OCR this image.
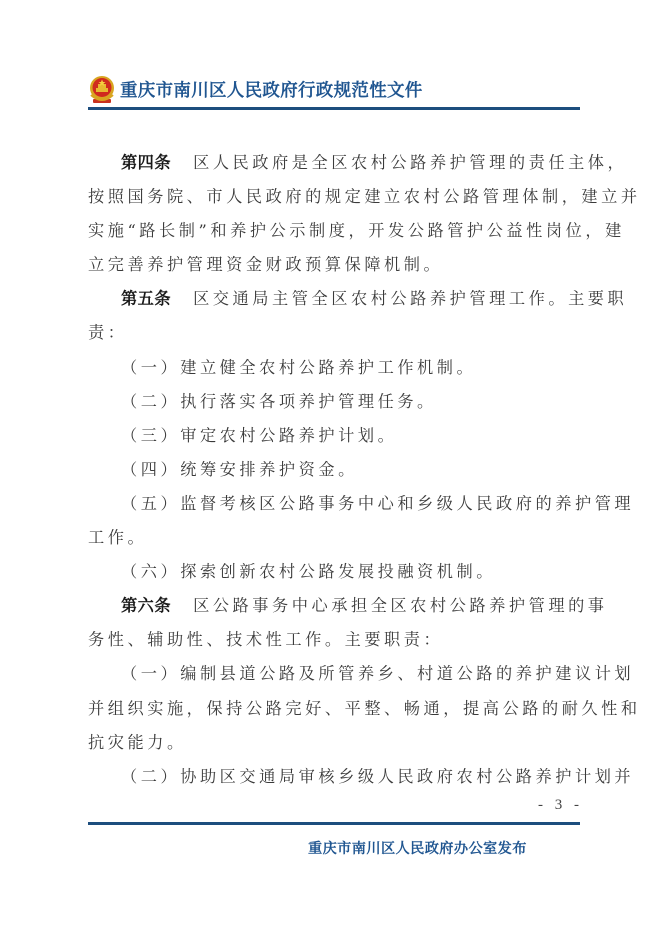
重庆市南川区人民政府行政规范性文件
第四条 区人民政府是全区农村公路养护管理的责任主体，
按照国务院、市人民政府的规定建立农村公路管理体制，建立并
实施“路长制”和养护公示制度，开发公路管护公益性岗位，建
立完善养护管理资金财政预算保障机制。
第五条 区交通局主管全区农村公路养护管理工作。主要职
责：
（一）建立健全农村公路养护工作机制。
（二）执行落实各项养护管理任务。
（三）审定农村公路养护计划。
（四）统筹安排养护资金。
（五）监督考核区公路事务中心和乡级人民政府的养护管理
工作。
（六）探索创新农村公路发展投融资机制。
第六条 区公路事务中心承担全区农村公路养护管理的事
务性、辅助性、技术性工作。主要职责：
（一）编制县道公路及所管养乡、村道公路的养护建议计划
并组织实施，保持公路完好、平整、畅通，提高公路的耐久性和
抗灾能力。
（二）协助区交通局审核乡级人民政府农村公路养护计划并
- 3 -
重庆市南川区人民政府办公室发布
